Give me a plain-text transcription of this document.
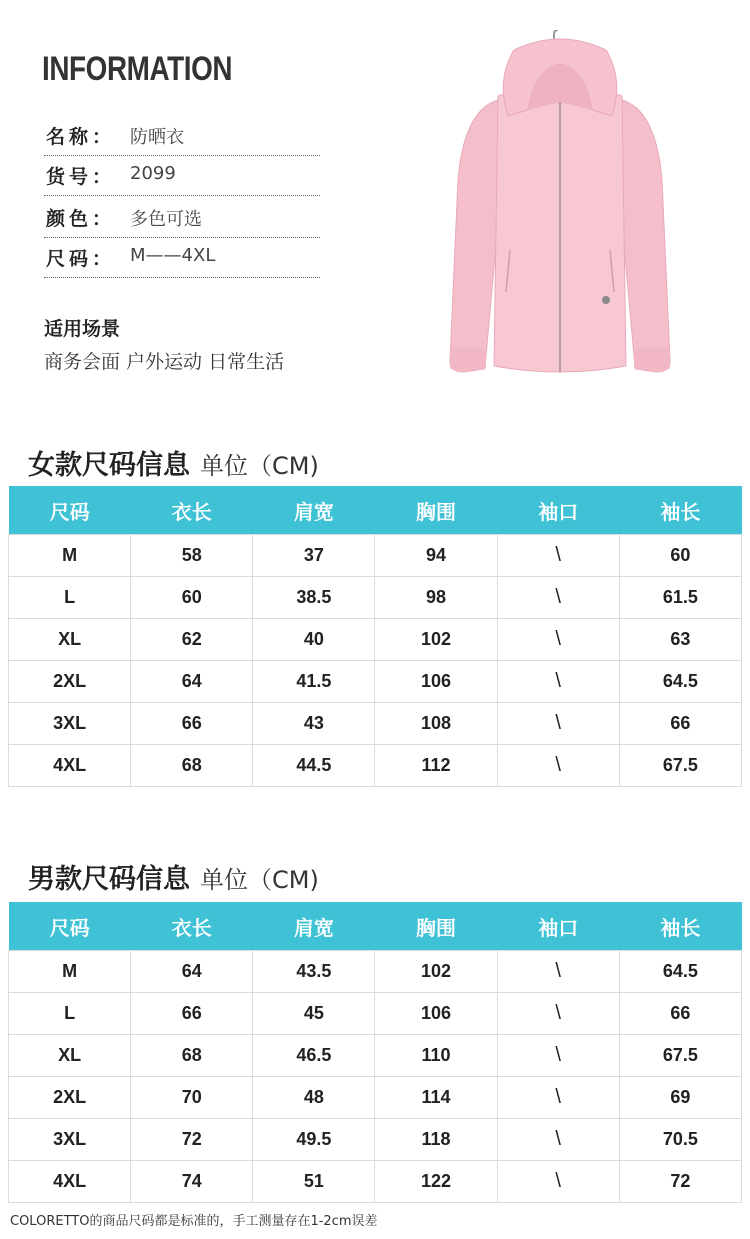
INFORMATION
名称： 防晒衣
货号： 2099
颜色： 多色可选
尺码： M——4XL
适用场景
商务会面 户外运动 日常生活
女款尺码信息 单位（CM)
尺码	衣长	肩宽	胸围	袖口	袖长
M	58	37	94	\	60
L	60	38.5	98	\	61.5
XL	62	40	102	\	63
2XL	64	41.5	106	\	64.5
3XL	66	43	108	\	66
4XL	68	44.5	112	\	67.5
男款尺码信息 单位（CM)
尺码	衣长	肩宽	胸围	袖口	袖长
M	64	43.5	102	\	64.5
L	66	45	106	\	66
XL	68	46.5	110	\	67.5
2XL	70	48	114	\	69
3XL	72	49.5	118	\	70.5
4XL	74	51	122	\	72
COLORETTO的商品尺码都是标准的，手工测量存在1-2cm误差
